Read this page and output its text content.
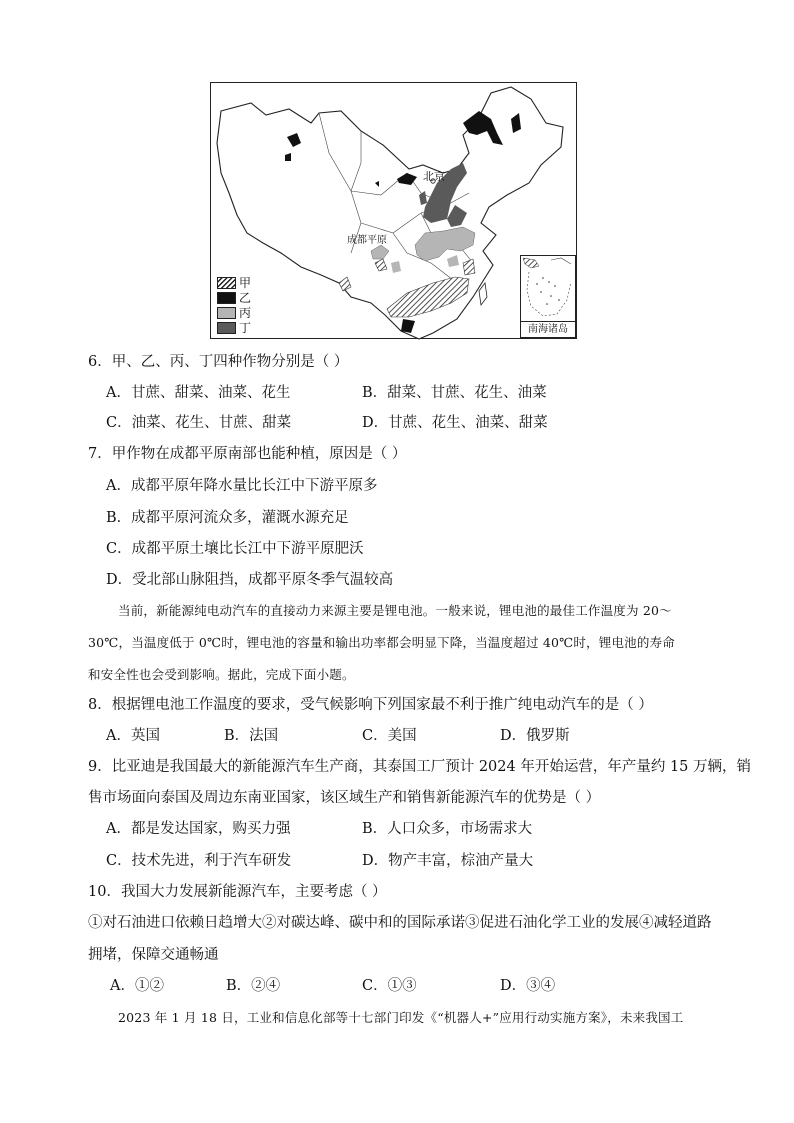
北京
成都平原
甲
乙
丙
丁	南海诸岛
6．甲、乙、丙、丁四种作物分别是（ ）
A．甘蔗、甜菜、油菜、花生	B．甜菜、甘蔗、花生、油菜
C．油菜、花生、甘蔗、甜菜	D．甘蔗、花生、油菜、甜菜
7．甲作物在成都平原南部也能种植，原因是（ ）
A．成都平原年降水量比长江中下游平原多
B．成都平原河流众多，灌溉水源充足
C．成都平原土壤比长江中下游平原肥沃
D．受北部山脉阻挡，成都平原冬季气温较高
当前，新能源纯电动汽车的直接动力来源主要是锂电池。一般来说，锂电池的最佳工作温度为 20～
30℃，当温度低于 0℃时，锂电池的容量和输出功率都会明显下降，当温度超过 40℃时，锂电池的寿命
和安全性也会受到影响。据此，完成下面小题。
8．根据锂电池工作温度的要求，受气候影响下列国家最不利于推广纯电动汽车的是（ ）
A．英国	B．法国	C．美国	D．俄罗斯
9．比亚迪是我国最大的新能源汽车生产商，其泰国工厂预计 2024 年开始运营，年产量约 15 万辆，销
售市场面向泰国及周边东南亚国家，该区域生产和销售新能源汽车的优势是（ ）
A．都是发达国家，购买力强	B．人口众多，市场需求大
C．技术先进，利于汽车研发	D．物产丰富，棕油产量大
10．我国大力发展新能源汽车，主要考虑（ ）
①对石油进口依赖日趋增大②对碳达峰、碳中和的国际承诺③促进石油化学工业的发展④减轻道路
拥堵，保障交通畅通
A．①②	B．②④	C．①③	D．③④
2023 年 1 月 18 日，工业和信息化部等十七部门印发《“机器人+”应用行动实施方案》，未来我国工
